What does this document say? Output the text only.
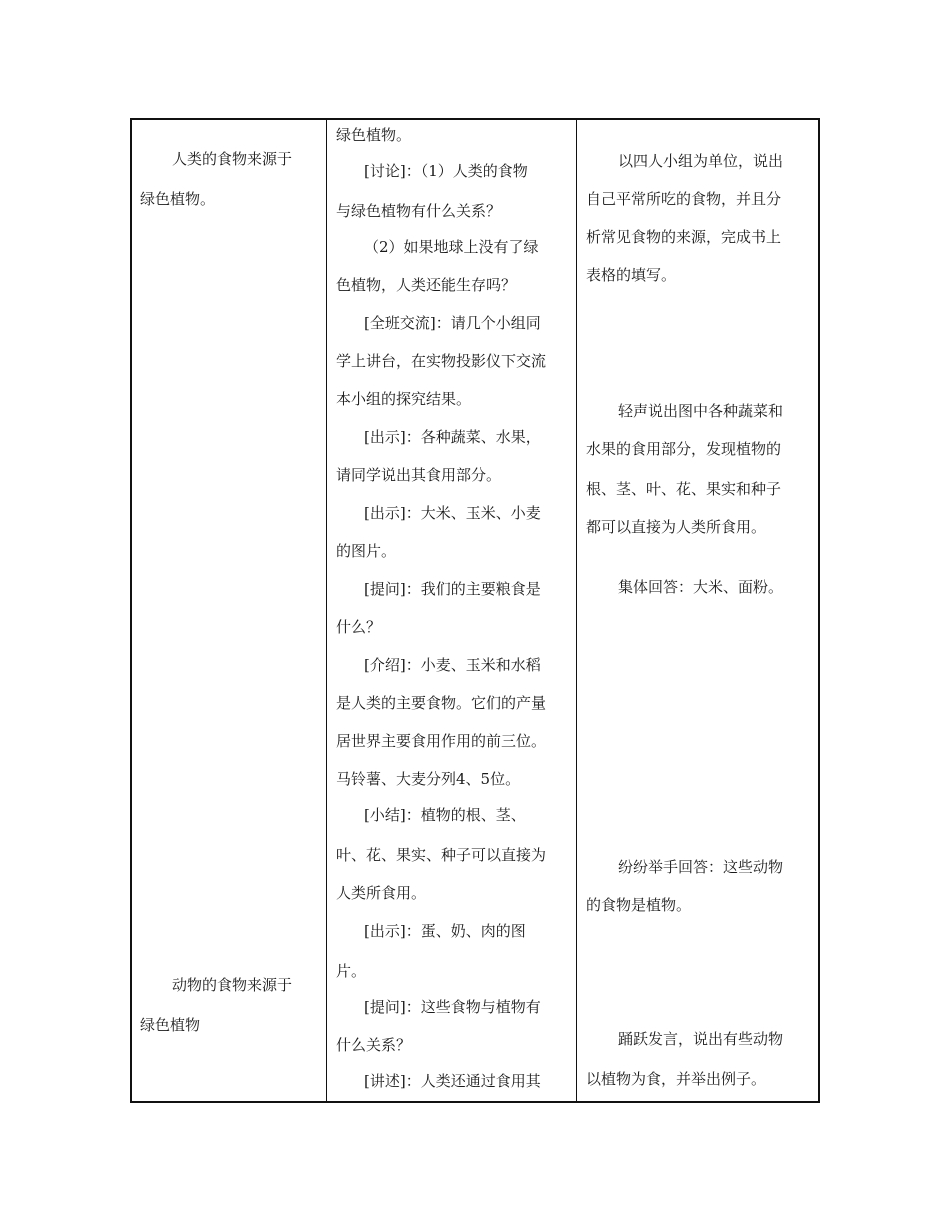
人类的食物来源于
绿色植物。
动物的食物来源于
绿色植物
绿色植物。
[讨论]：（1）人类的食物
与绿色植物有什么关系？
（2）如果地球上没有了绿
色植物，人类还能生存吗？
[全班交流]：请几个小组同
学上讲台，在实物投影仪下交流
本小组的探究结果。
[出示]：各种蔬菜、水果，
请同学说出其食用部分。
[出示]：大米、玉米、小麦
的图片。
[提问]：我们的主要粮食是
什么？
[介绍]：小麦、玉米和水稻
是人类的主要食物。它们的产量
居世界主要食用作用的前三位。
马铃薯、大麦分列4、5位。
[小结]：植物的根、茎、
叶、花、果实、种子可以直接为
人类所食用。
[出示]：蛋、奶、肉的图
片。
[提问]：这些食物与植物有
什么关系？
[讲述]：人类还通过食用其
以四人小组为单位，说出
自己平常所吃的食物，并且分
析常见食物的来源，完成书上
表格的填写。
轻声说出图中各种蔬菜和
水果的食用部分，发现植物的
根、茎、叶、花、果实和种子
都可以直接为人类所食用。
集体回答：大米、面粉。
纷纷举手回答：这些动物
的食物是植物。
踊跃发言，说出有些动物
以植物为食，并举出例子。
